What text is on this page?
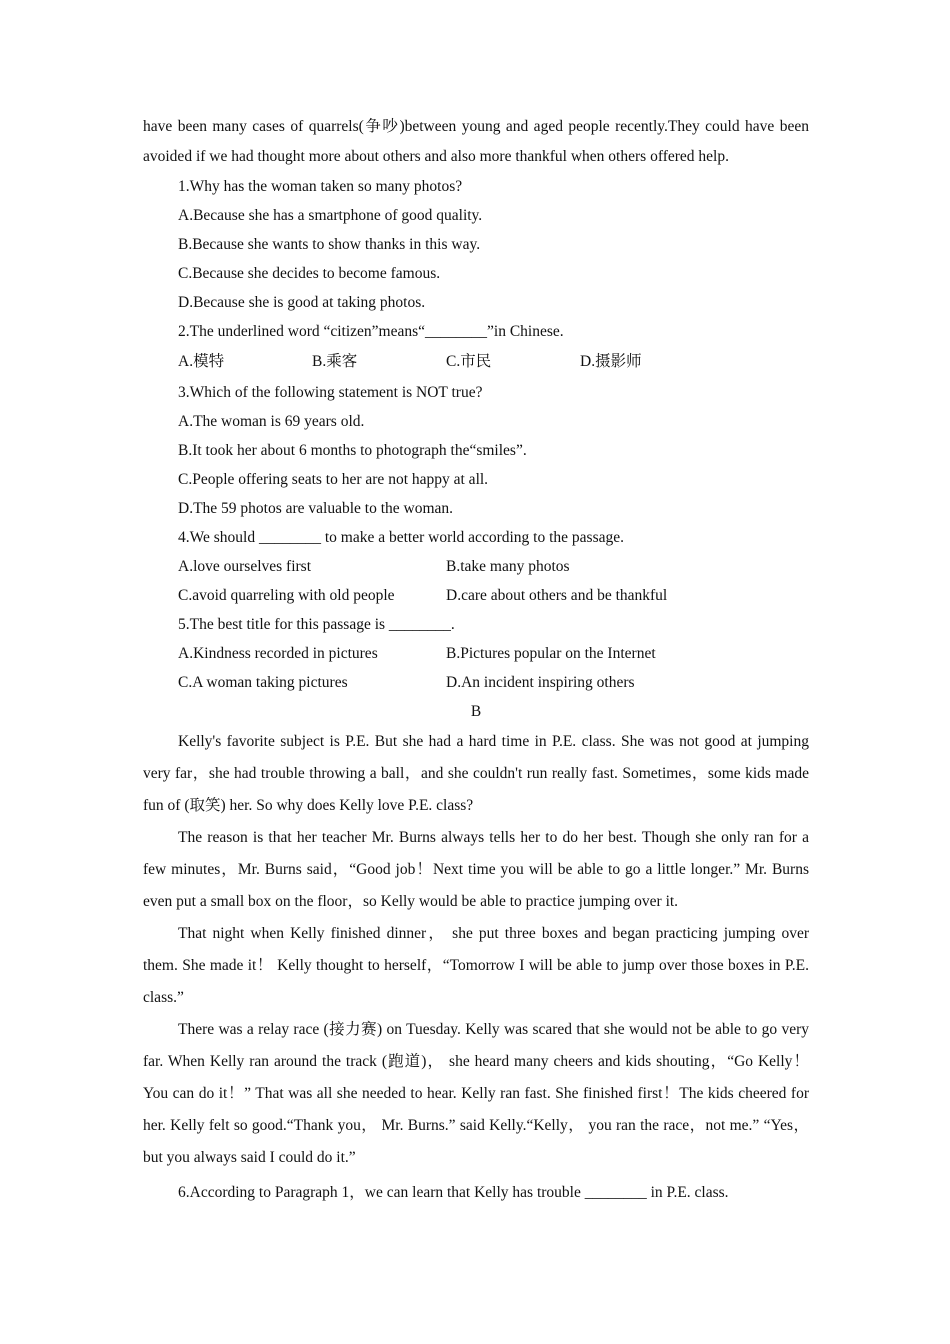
have been many cases of quarrels(争吵)between young and aged people recently.They could have been avoided if we had thought more about others and also more thankful when others offered help.

1.Why has the woman taken so many photos?

A.Because she has a smartphone of good quality.

B.Because she wants to show thanks in this way.

C.Because she decides to become famous.

D.Because she is good at taking photos.

2.The underlined word “citizen”means“________”in Chinese.

A.模特	B.乘客	C.市民	D.摄影师

3.Which of the following statement is NOT true?

A.The woman is 69 years old.

B.It took her about 6 months to photograph the“smiles”.

C.People offering seats to her are not happy at all.

D.The 59 photos are valuable to the woman.

4.We should ________ to make a better world according to the passage.

A.love ourselves first	B.take many photos
C.avoid quarreling with old people	D.care about others and be thankful

5.The best title for this passage is ________.

A.Kindness recorded in pictures	B.Pictures popular on the Internet
C.A woman taking pictures	D.An incident inspiring others

B

Kelly's favorite subject is P.E. But she had a hard time in P.E. class. She was not good at jumping very far，she had trouble throwing a ball，and she couldn't run really fast. Sometimes，some kids made fun of (取笑) her. So why does Kelly love P.E. class?

The reason is that her teacher Mr. Burns always tells her to do her best. Though she only ran for a few minutes，Mr. Burns said，“Good job！Next time you will be able to go a little longer.” Mr. Burns even put a small box on the floor，so Kelly would be able to practice jumping over it.

That night when Kelly finished dinner， she put three boxes and began practicing jumping over them. She made it！ Kelly thought to herself，“Tomorrow I will be able to jump over those boxes in P.E. class.”

There was a relay race (接力赛) on Tuesday. Kelly was scared that she would not be able to go very far. When Kelly ran around the track (跑道)， she heard many cheers and kids shouting，“Go Kelly！You can do it！” That was all she needed to hear. Kelly ran fast. She finished first！The kids cheered for her. Kelly felt so good.“Thank you， Mr. Burns.” said Kelly.“Kelly， you ran the race，not me.” “Yes，but you always said I could do it.”

6.According to Paragraph 1，we can learn that Kelly has trouble ________ in P.E. class.
